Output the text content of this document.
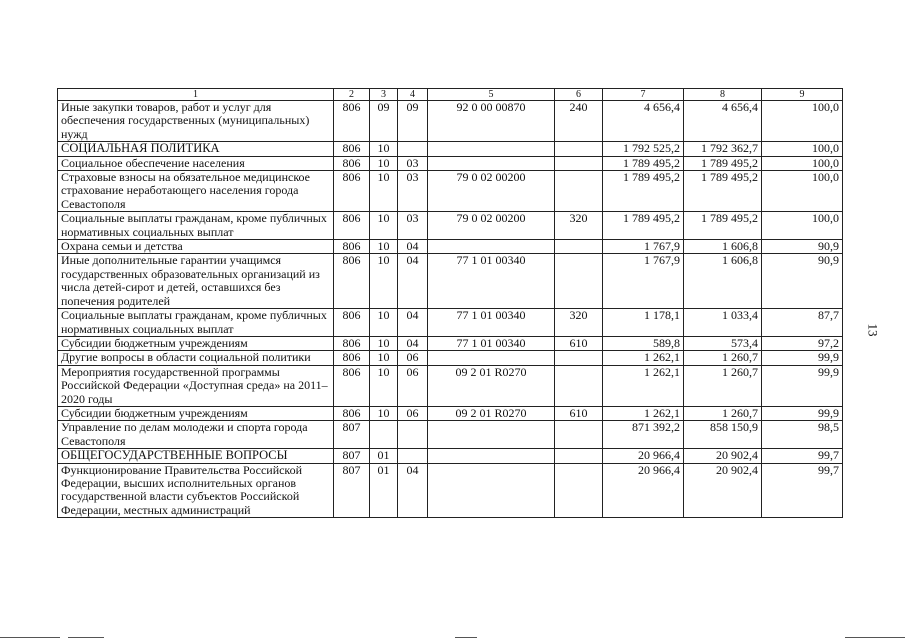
1	2	3	4	5	6	7	8	9
Иные закупки товаров, работ и услуг для обеспечения государственных (муниципальных) нужд	806	09	09	92 0 00 00870	240	4 656,4	4 656,4	100,0
СОЦИАЛЬНАЯ ПОЛИТИКА	806	10				1 792 525,2	1 792 362,7	100,0
Социальное обеспечение населения	806	10	03			1 789 495,2	1 789 495,2	100,0
Страховые взносы на обязательное медицинское страхование неработающего населения города Севастополя	806	10	03	79 0 02 00200		1 789 495,2	1 789 495,2	100,0
Социальные выплаты гражданам, кроме публичных нормативных социальных выплат	806	10	03	79 0 02 00200	320	1 789 495,2	1 789 495,2	100,0
Охрана семьи и детства	806	10	04			1 767,9	1 606,8	90,9
Иные дополнительные гарантии учащимся государственных образовательных организаций из числа детей-сирот и детей, оставшихся без попечения родителей	806	10	04	77 1 01 00340		1 767,9	1 606,8	90,9
Социальные выплаты гражданам, кроме публичных нормативных социальных выплат	806	10	04	77 1 01 00340	320	1 178,1	1 033,4	87,7
Субсидии бюджетным учреждениям	806	10	04	77 1 01 00340	610	589,8	573,4	97,2
Другие вопросы в области социальной политики	806	10	06			1 262,1	1 260,7	99,9
Мероприятия государственной программы Российской Федерации «Доступная среда» на 2011–2020 годы	806	10	06	09 2 01 R0270		1 262,1	1 260,7	99,9
Субсидии бюджетным учреждениям	806	10	06	09 2 01 R0270	610	1 262,1	1 260,7	99,9
Управление по делам молодежи и спорта города Севастополя	807					871 392,2	858 150,9	98,5
ОБЩЕГОСУДАРСТВЕННЫЕ ВОПРОСЫ	807	01				20 966,4	20 902,4	99,7
Функционирование Правительства Российской Федерации, высших исполнительных органов государственной власти субъектов Российской Федерации, местных администраций	807	01	04			20 966,4	20 902,4	99,7
13
